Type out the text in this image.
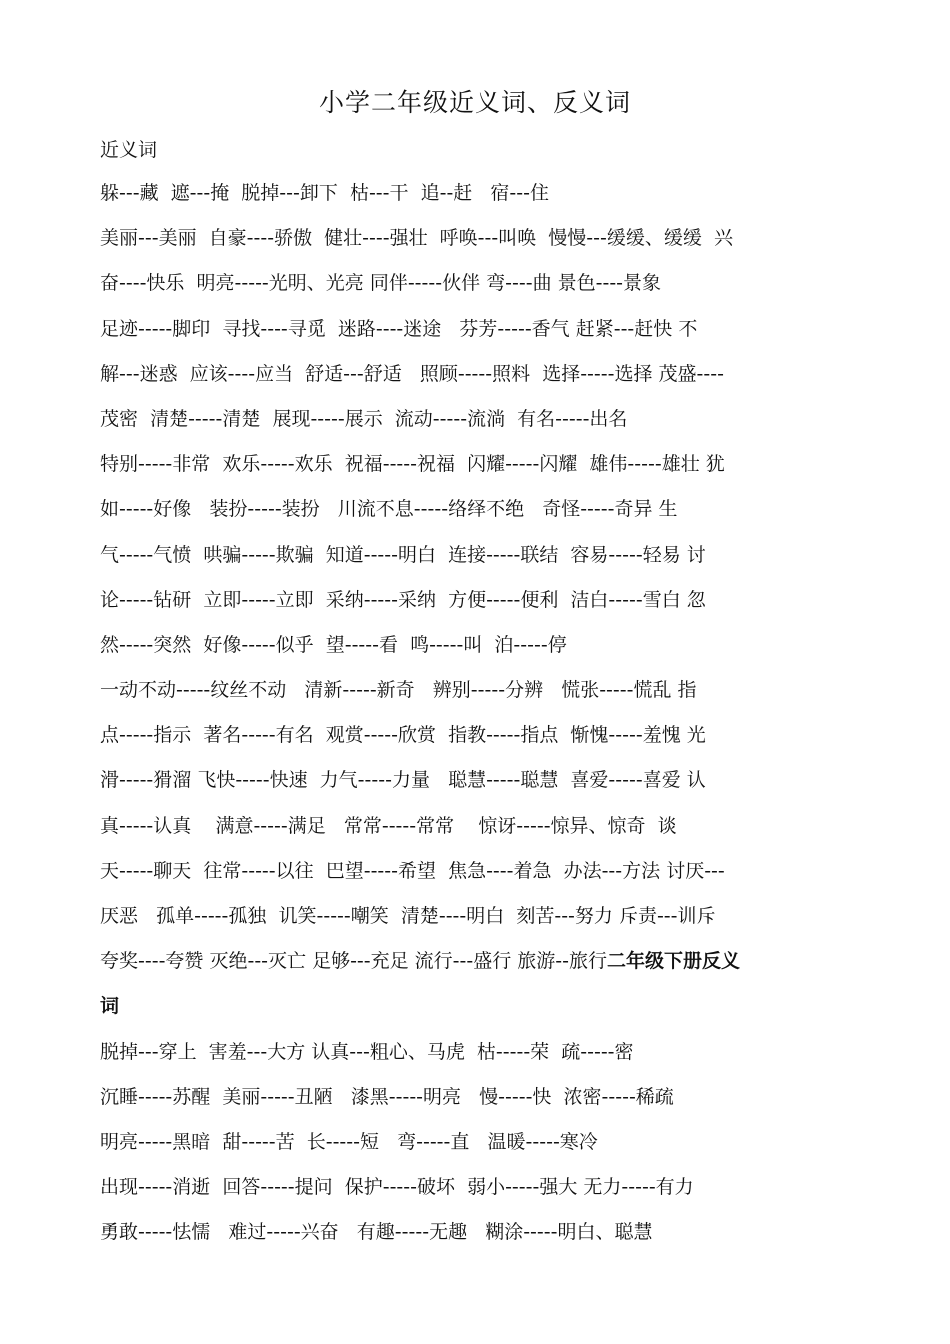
小学二年级近义词、反义词
近义词
躲---藏  遮---掩  脱掉---卸下  枯---干  追--赶   宿---住
美丽---美丽  自豪----骄傲  健壮----强壮  呼唤---叫唤  慢慢---缓缓、缓缓  兴
奋----快乐  明亮-----光明、光亮 同伴-----伙伴 弯----曲 景色----景象
足迹-----脚印  寻找----寻觅  迷路----迷途   芬芳-----香气 赶紧---赶快 不
解---迷惑  应该----应当  舒适---舒适   照顾-----照料  选择-----选择 茂盛----
茂密  清楚-----清楚  展现-----展示  流动-----流淌  有名-----出名
特别-----非常  欢乐-----欢乐  祝福-----祝福  闪耀-----闪耀  雄伟-----雄壮 犹
如-----好像   装扮-----装扮   川流不息-----络绎不绝   奇怪-----奇异 生
气-----气愤  哄骗-----欺骗  知道-----明白  连接-----联结  容易-----轻易 讨
论-----钻研  立即-----立即  采纳-----采纳  方便-----便利  洁白-----雪白 忽
然-----突然  好像-----似乎  望-----看  鸣-----叫  泊-----停
一动不动-----纹丝不动   清新-----新奇   辨别-----分辨   慌张-----慌乱 指
点-----指示  著名-----有名  观赏-----欣赏  指教-----指点  惭愧-----羞愧 光
滑-----猾溜 飞快-----快速  力气-----力量   聪慧-----聪慧  喜爱-----喜爱 认
真-----认真    满意-----满足   常常-----常常    惊讶-----惊异、惊奇  谈
天-----聊天  往常-----以往  巴望-----希望  焦急----着急  办法---方法 讨厌---
厌恶   孤单-----孤独  讥笑-----嘲笑  清楚----明白  刻苦---努力 斥责---训斥
夸奖----夸赞 灭绝---灭亡 足够---充足 流行---盛行 旅游--旅行二年级下册反义
词
脱掉---穿上  害羞---大方 认真---粗心、马虎  枯-----荣  疏-----密
沉睡-----苏醒  美丽-----丑陋   漆黑-----明亮   慢-----快  浓密-----稀疏
明亮-----黑暗  甜-----苦  长-----短   弯-----直   温暖-----寒冷
出现-----消逝  回答-----提问  保护-----破坏  弱小-----强大 无力-----有力
勇敢-----怯懦   难过-----兴奋   有趣-----无趣   糊涂-----明白、聪慧
